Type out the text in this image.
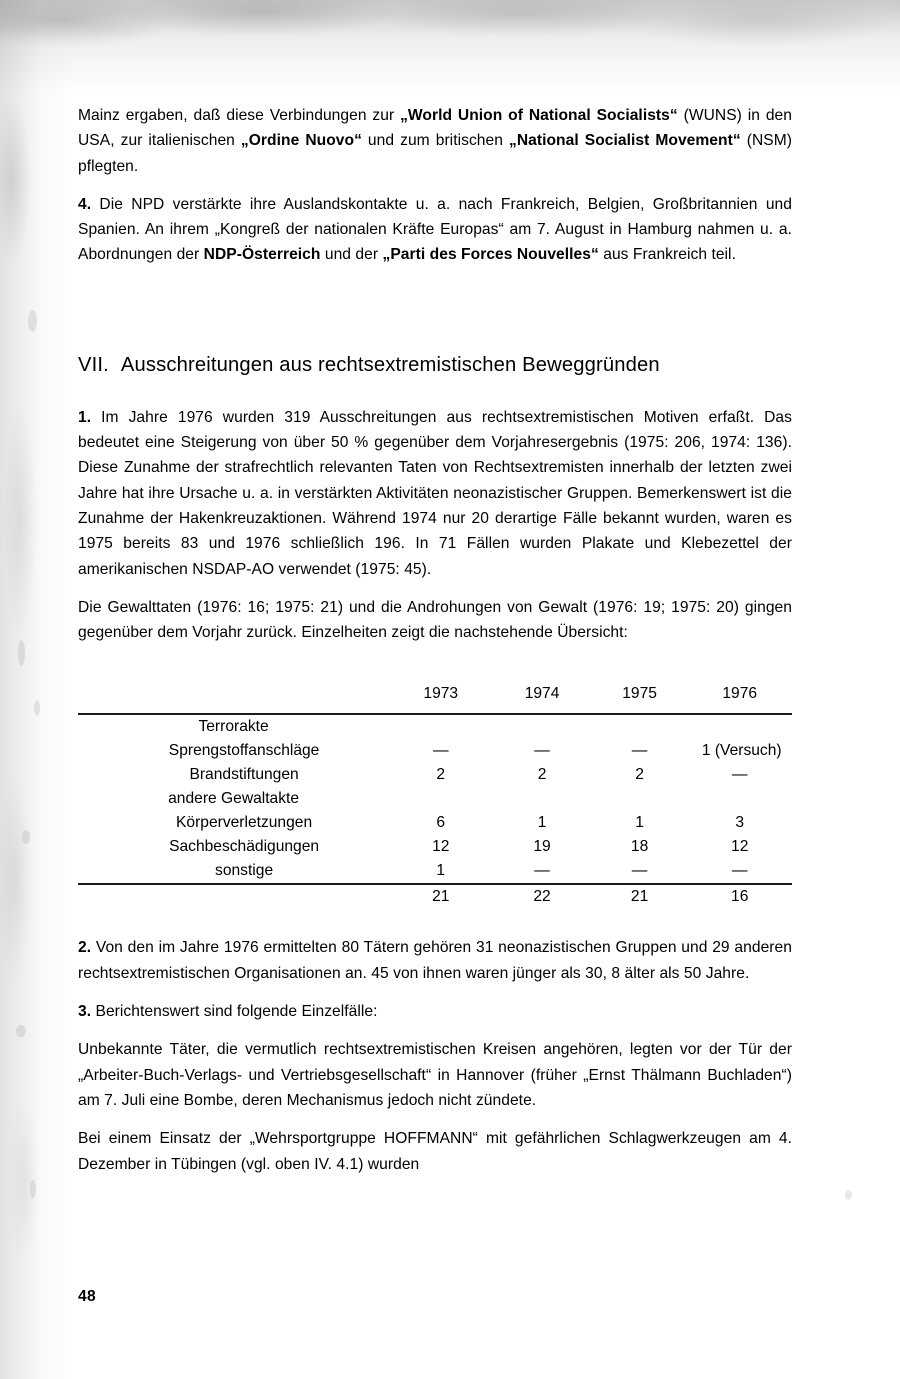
Mainz ergaben, daß diese Verbindungen zur „World Union of National Socialists“ (WUNS) in den USA, zur italienischen „Ordine Nuovo“ und zum britischen „National Socialist Movement“ (NSM) pflegten.

4. Die NPD verstärkte ihre Auslandskontakte u. a. nach Frankreich, Belgien, Großbritannien und Spanien. An ihrem „Kongreß der nationalen Kräfte Europas“ am 7. August in Hamburg nahmen u. a. Abordnungen der NDP-Österreich und der „Parti des Forces Nouvelles“ aus Frankreich teil.

VII. Ausschreitungen aus rechtsextremistischen Beweggründen

1. Im Jahre 1976 wurden 319 Ausschreitungen aus rechtsextremistischen Motiven erfaßt. Das bedeutet eine Steigerung von über 50 % gegenüber dem Vorjahresergebnis (1975: 206, 1974: 136). Diese Zunahme der strafrechtlich relevanten Taten von Rechtsextremisten innerhalb der letzten zwei Jahre hat ihre Ursache u. a. in verstärkten Aktivitäten neonazistischer Gruppen. Bemerkenswert ist die Zunahme der Hakenkreuzaktionen. Während 1974 nur 20 derartige Fälle bekannt wurden, waren es 1975 bereits 83 und 1976 schließlich 196. In 71 Fällen wurden Plakate und Klebezettel der amerikanischen NSDAP-AO verwendet (1975: 45).

Die Gewalttaten (1976: 16; 1975: 21) und die Androhungen von Gewalt (1976: 19; 1975: 20) gingen gegenüber dem Vorjahr zurück. Einzelheiten zeigt die nachstehende Übersicht:

	1973	1974	1975	1976
Terrorakte				
Sprengstoffanschläge	—	—	—	1 (Versuch)
Brandstiftungen	2	2	2	—
andere Gewaltakte				
Körperverletzungen	6	1	1	3
Sachbeschädigungen	12	19	18	12
sonstige	1	—	—	—
	21	22	21	16

2. Von den im Jahre 1976 ermittelten 80 Tätern gehören 31 neonazistischen Gruppen und 29 anderen rechtsextremistischen Organisationen an. 45 von ihnen waren jünger als 30, 8 älter als 50 Jahre.

3. Berichtenswert sind folgende Einzelfälle:

Unbekannte Täter, die vermutlich rechtsextremistischen Kreisen angehören, legten vor der Tür der „Arbeiter-Buch-Verlags- und Vertriebsgesellschaft“ in Hannover (früher „Ernst Thälmann Buchladen“) am 7. Juli eine Bombe, deren Mechanismus jedoch nicht zündete.

Bei einem Einsatz der „Wehrsportgruppe HOFFMANN“ mit gefährlichen Schlagwerkzeugen am 4. Dezember in Tübingen (vgl. oben IV. 4.1) wurden

48
